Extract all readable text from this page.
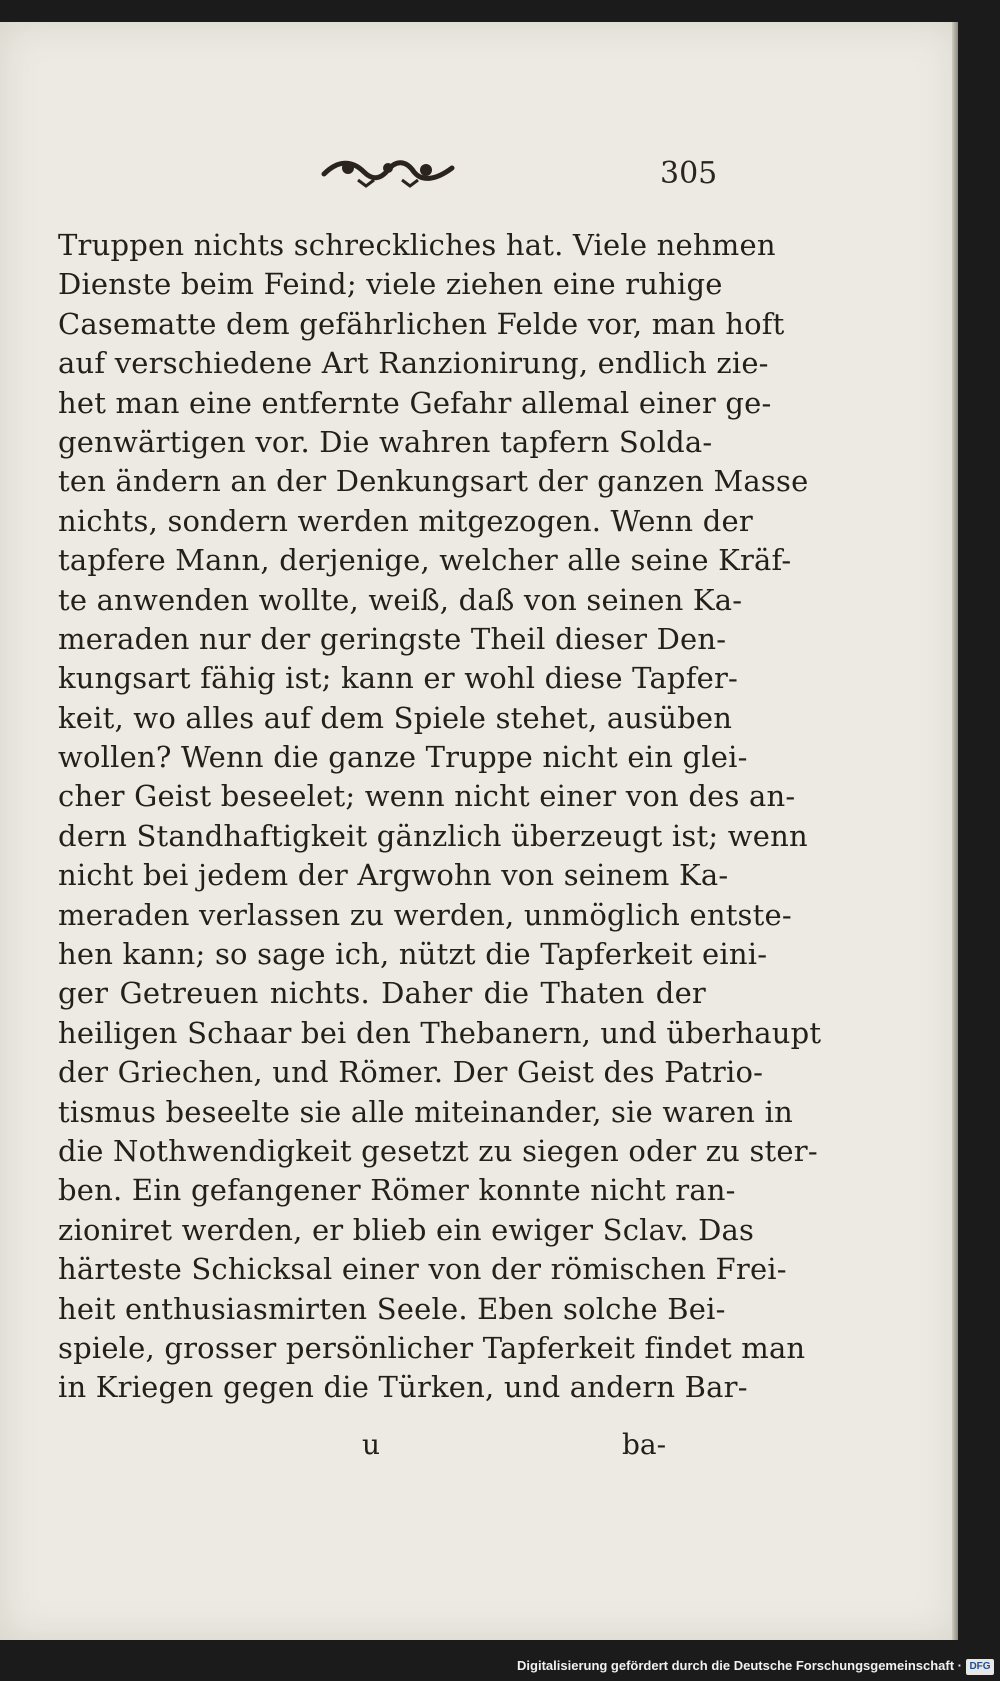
305
Truppen nichts schreckliches hat. Viele nehmen
Dienste beim Feind; viele ziehen eine ruhige
Casematte dem gefährlichen Felde vor, man hoft
auf verschiedene Art Ranzionirung, endlich zie-
het man eine entfernte Gefahr allemal einer ge-
genwärtigen vor. Die wahren tapfern Solda-
ten ändern an der Denkungsart der ganzen Masse
nichts, sondern werden mitgezogen. Wenn der
tapfere Mann, derjenige, welcher alle seine Kräf-
te anwenden wollte, weiß, daß von seinen Ka-
meraden nur der geringste Theil dieser Den-
kungsart fähig ist; kann er wohl diese Tapfer-
keit, wo alles auf dem Spiele stehet, ausüben
wollen? Wenn die ganze Truppe nicht ein glei-
cher Geist beseelet; wenn nicht einer von des an-
dern Standhaftigkeit gänzlich überzeugt ist; wenn
nicht bei jedem der Argwohn von seinem Ka-
meraden verlassen zu werden, unmöglich entste-
hen kann; so sage ich, nützt die Tapferkeit eini-
ger Getreuen nichts. Daher die Thaten der
heiligen Schaar bei den Thebanern, und überhaupt
der Griechen, und Römer. Der Geist des Patrio-
tismus beseelte sie alle miteinander, sie waren in
die Nothwendigkeit gesetzt zu siegen oder zu ster-
ben. Ein gefangener Römer konnte nicht ran-
zioniret werden, er blieb ein ewiger Sclav. Das
härteste Schicksal einer von der römischen Frei-
heit enthusiasmirten Seele. Eben solche Bei-
spiele, grosser persönlicher Tapferkeit findet man
in Kriegen gegen die Türken, und andern Bar-
u	ba-
Digitalisierung gefördert durch die Deutsche Forschungsgemeinschaft · DFG
